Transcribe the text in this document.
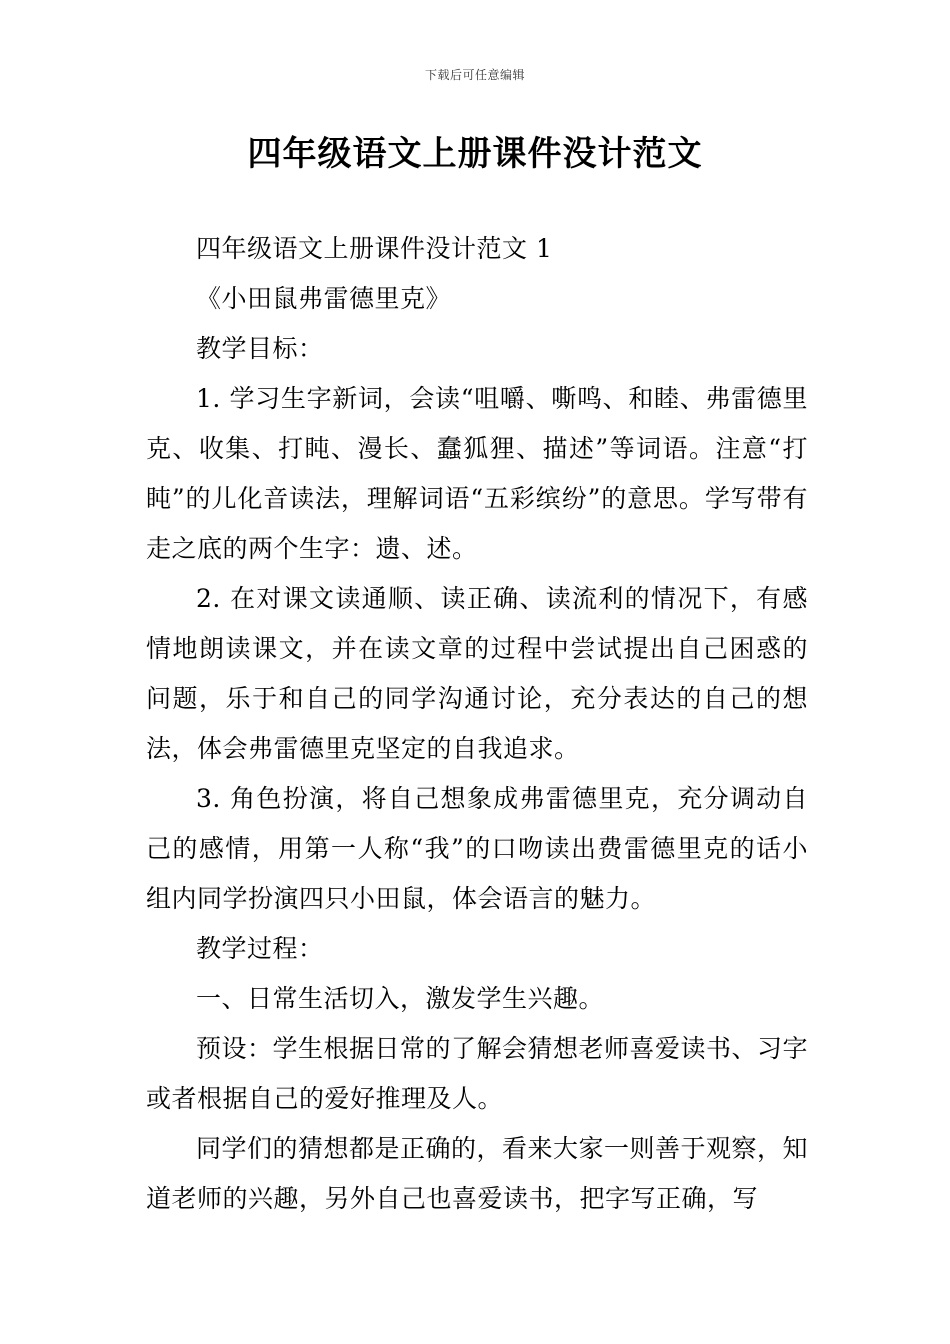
下载后可任意编辑
四年级语文上册课件没计范文

四年级语文上册课件没计范文 1

《小田鼠弗雷德里克》

教学目标：

1. 学习生字新词，会读“咀嚼、嘶鸣、和睦、弗雷德里克、收集、打盹、漫长、蠢狐狸、描述”等词语。注意“打盹”的儿化音读法，理解词语“五彩缤纷”的意思。学写带有走之底的两个生字：遗、述。

2. 在对课文读通顺、读正确、读流利的情况下，有感情地朗读课文，并在读文章的过程中尝试提出自己困惑的问题，乐于和自己的同学沟通讨论，充分表达的自己的想法，体会弗雷德里克坚定的自我追求。

3. 角色扮演，将自己想象成弗雷德里克，充分调动自己的感情，用第一人称“我”的口吻读出费雷德里克的话小组内同学扮演四只小田鼠，体会语言的魅力。

教学过程：

一、日常生活切入，激发学生兴趣。

预设：学生根据日常的了解会猜想老师喜爱读书、习字或者根据自己的爱好推理及人。

同学们的猜想都是正确的，看来大家一则善于观察，知道老师的兴趣，另外自己也喜爱读书，把字写正确，写
